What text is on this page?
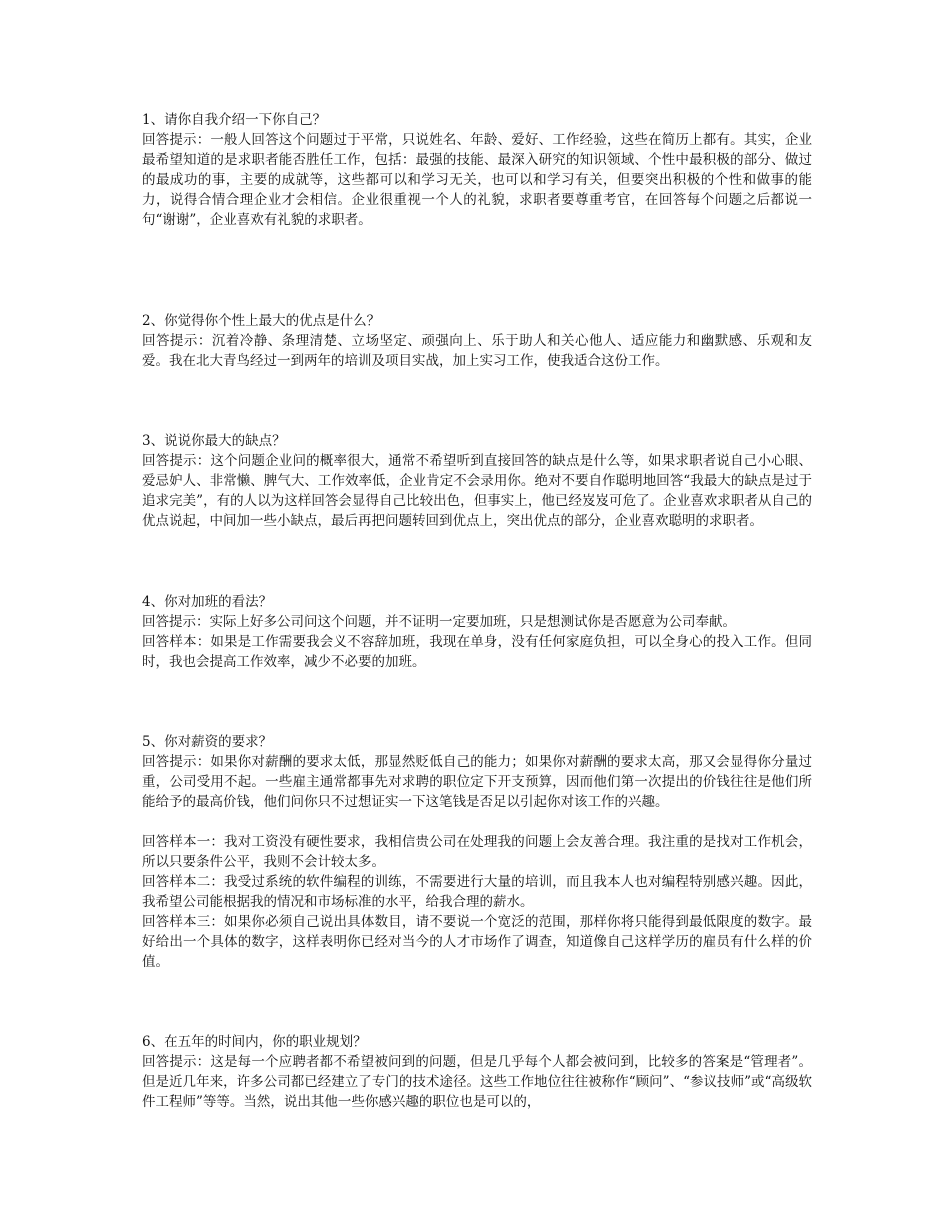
1、请你自我介绍一下你自己？

回答提示：一般人回答这个问题过于平常，只说姓名、年龄、爱好、工作经验，这些在简历上都有。其实，企业最希望知道的是求职者能否胜任工作，包括：最强的技能、最深入研究的知识领域、个性中最积极的部分、做过的最成功的事，主要的成就等，这些都可以和学习无关，也可以和学习有关，但要突出积极的个性和做事的能力，说得合情合理企业才会相信。企业很重视一个人的礼貌，求职者要尊重考官，在回答每个问题之后都说一句“谢谢”，企业喜欢有礼貌的求职者。

2、你觉得你个性上最大的优点是什么？

回答提示：沉着冷静、条理清楚、立场坚定、顽强向上、乐于助人和关心他人、适应能力和幽默感、乐观和友爱。我在北大青鸟经过一到两年的培训及项目实战，加上实习工作，使我适合这份工作。

3、说说你最大的缺点？

回答提示：这个问题企业问的概率很大，通常不希望听到直接回答的缺点是什么等，如果求职者说自己小心眼、爱忌妒人、非常懒、脾气大、工作效率低，企业肯定不会录用你。绝对不要自作聪明地回答“我最大的缺点是过于追求完美”，有的人以为这样回答会显得自己比较出色，但事实上，他已经岌岌可危了。企业喜欢求职者从自己的优点说起，中间加一些小缺点，最后再把问题转回到优点上，突出优点的部分，企业喜欢聪明的求职者。

4、你对加班的看法？

回答提示：实际上好多公司问这个问题，并不证明一定要加班，只是想测试你是否愿意为公司奉献。

回答样本：如果是工作需要我会义不容辞加班，我现在单身，没有任何家庭负担，可以全身心的投入工作。但同时，我也会提高工作效率，减少不必要的加班。

5、你对薪资的要求？

回答提示：如果你对薪酬的要求太低，那显然贬低自己的能力；如果你对薪酬的要求太高，那又会显得你分量过重，公司受用不起。一些雇主通常都事先对求聘的职位定下开支预算，因而他们第一次提出的价钱往往是他们所能给予的最高价钱，他们问你只不过想证实一下这笔钱是否足以引起你对该工作的兴趣。

回答样本一：我对工资没有硬性要求，我相信贵公司在处理我的问题上会友善合理。我注重的是找对工作机会，所以只要条件公平，我则不会计较太多。

回答样本二：我受过系统的软件编程的训练，不需要进行大量的培训，而且我本人也对编程特别感兴趣。因此，我希望公司能根据我的情况和市场标准的水平，给我合理的薪水。

回答样本三：如果你必须自己说出具体数目，请不要说一个宽泛的范围，那样你将只能得到最低限度的数字。最好给出一个具体的数字，这样表明你已经对当今的人才市场作了调查，知道像自己这样学历的雇员有什么样的价值。

6、在五年的时间内，你的职业规划？

回答提示：这是每一个应聘者都不希望被问到的问题，但是几乎每个人都会被问到，比较多的答案是“管理者”。但是近几年来，许多公司都已经建立了专门的技术途径。这些工作地位往往被称作“顾问”、“参议技师”或“高级软件工程师”等等。当然，说出其他一些你感兴趣的职位也是可以的，
